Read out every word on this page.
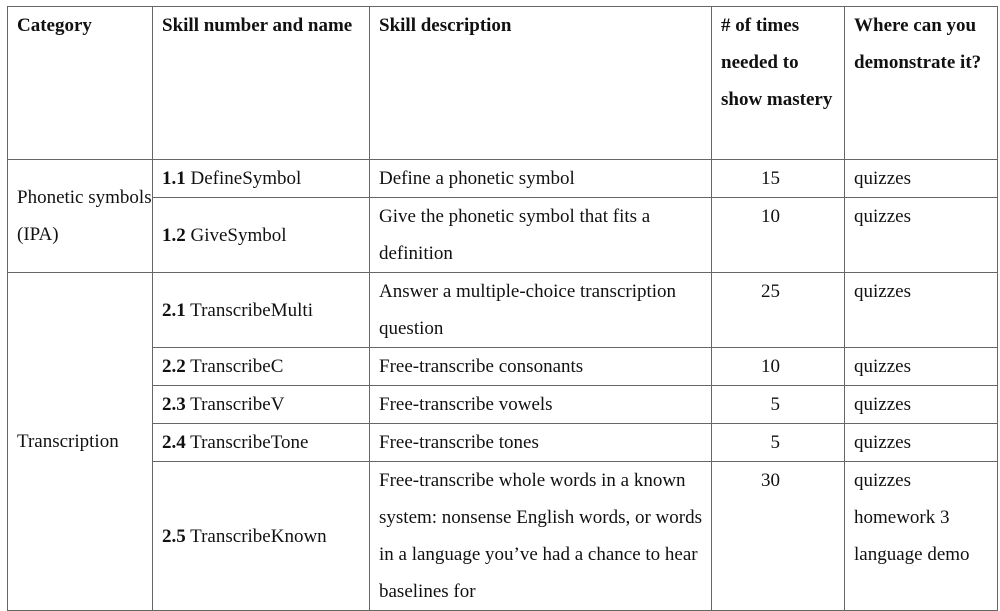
Category	Skill number and name	Skill description	# of times needed to show mastery	Where can you demonstrate it?
Phonetic symbols (IPA)	1.1 DefineSymbol	Define a phonetic symbol	15	quizzes

	1.2 GiveSymbol	Give the phonetic symbol that fits a definition	10	quizzes

Transcription	2.1 TranscribeMulti	Answer a multiple-choice transcription question	25	quizzes

	2.2 TranscribeC	Free-transcribe consonants	10	quizzes

	2.3 TranscribeV	Free-transcribe vowels	5	quizzes

	2.4 TranscribeTone	Free-transcribe tones	5	quizzes

	2.5 TranscribeKnown	Free-transcribe whole words in a known system: nonsense English words, or words in a language you’ve had a chance to hear baselines for	30	quizzes
homework 3
language demo
